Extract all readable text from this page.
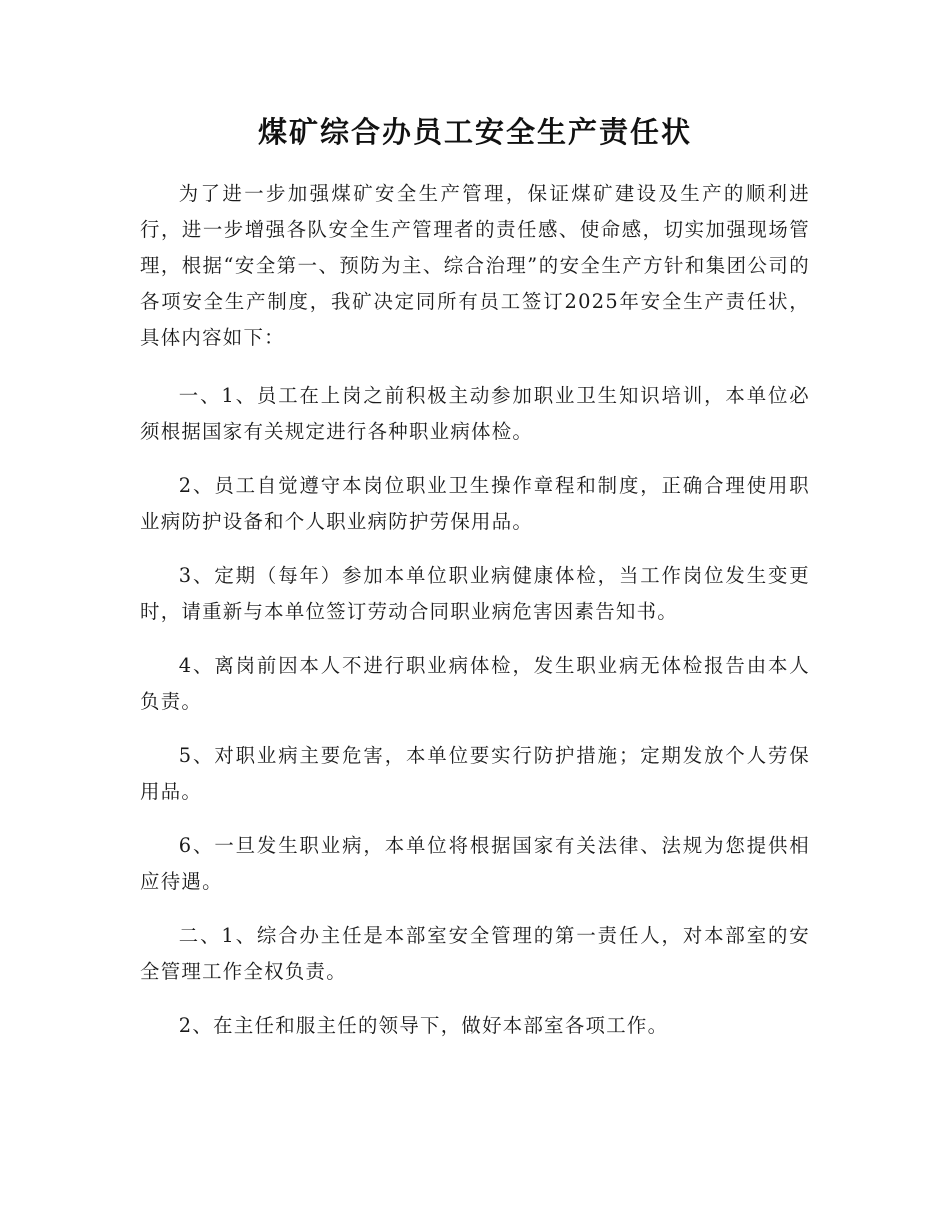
煤矿综合办员工安全生产责任状

为了进一步加强煤矿安全生产管理，保证煤矿建设及生产的顺利进行，进一步增强各队安全生产管理者的责任感、使命感，切实加强现场管理，根据“安全第一、预防为主、综合治理”的安全生产方针和集团公司的各项安全生产制度，我矿决定同所有员工签订2025年安全生产责任状，具体内容如下：

一、1、员工在上岗之前积极主动参加职业卫生知识培训，本单位必须根据国家有关规定进行各种职业病体检。

2、员工自觉遵守本岗位职业卫生操作章程和制度，正确合理使用职业病防护设备和个人职业病防护劳保用品。

3、定期（每年）参加本单位职业病健康体检，当工作岗位发生变更时，请重新与本单位签订劳动合同职业病危害因素告知书。

4、离岗前因本人不进行职业病体检，发生职业病无体检报告由本人负责。

5、对职业病主要危害，本单位要实行防护措施；定期发放个人劳保用品。

6、一旦发生职业病，本单位将根据国家有关法律、法规为您提供相应待遇。

二、1、综合办主任是本部室安全管理的第一责任人，对本部室的安全管理工作全权负责。

2、在主任和服主任的领导下，做好本部室各项工作。
